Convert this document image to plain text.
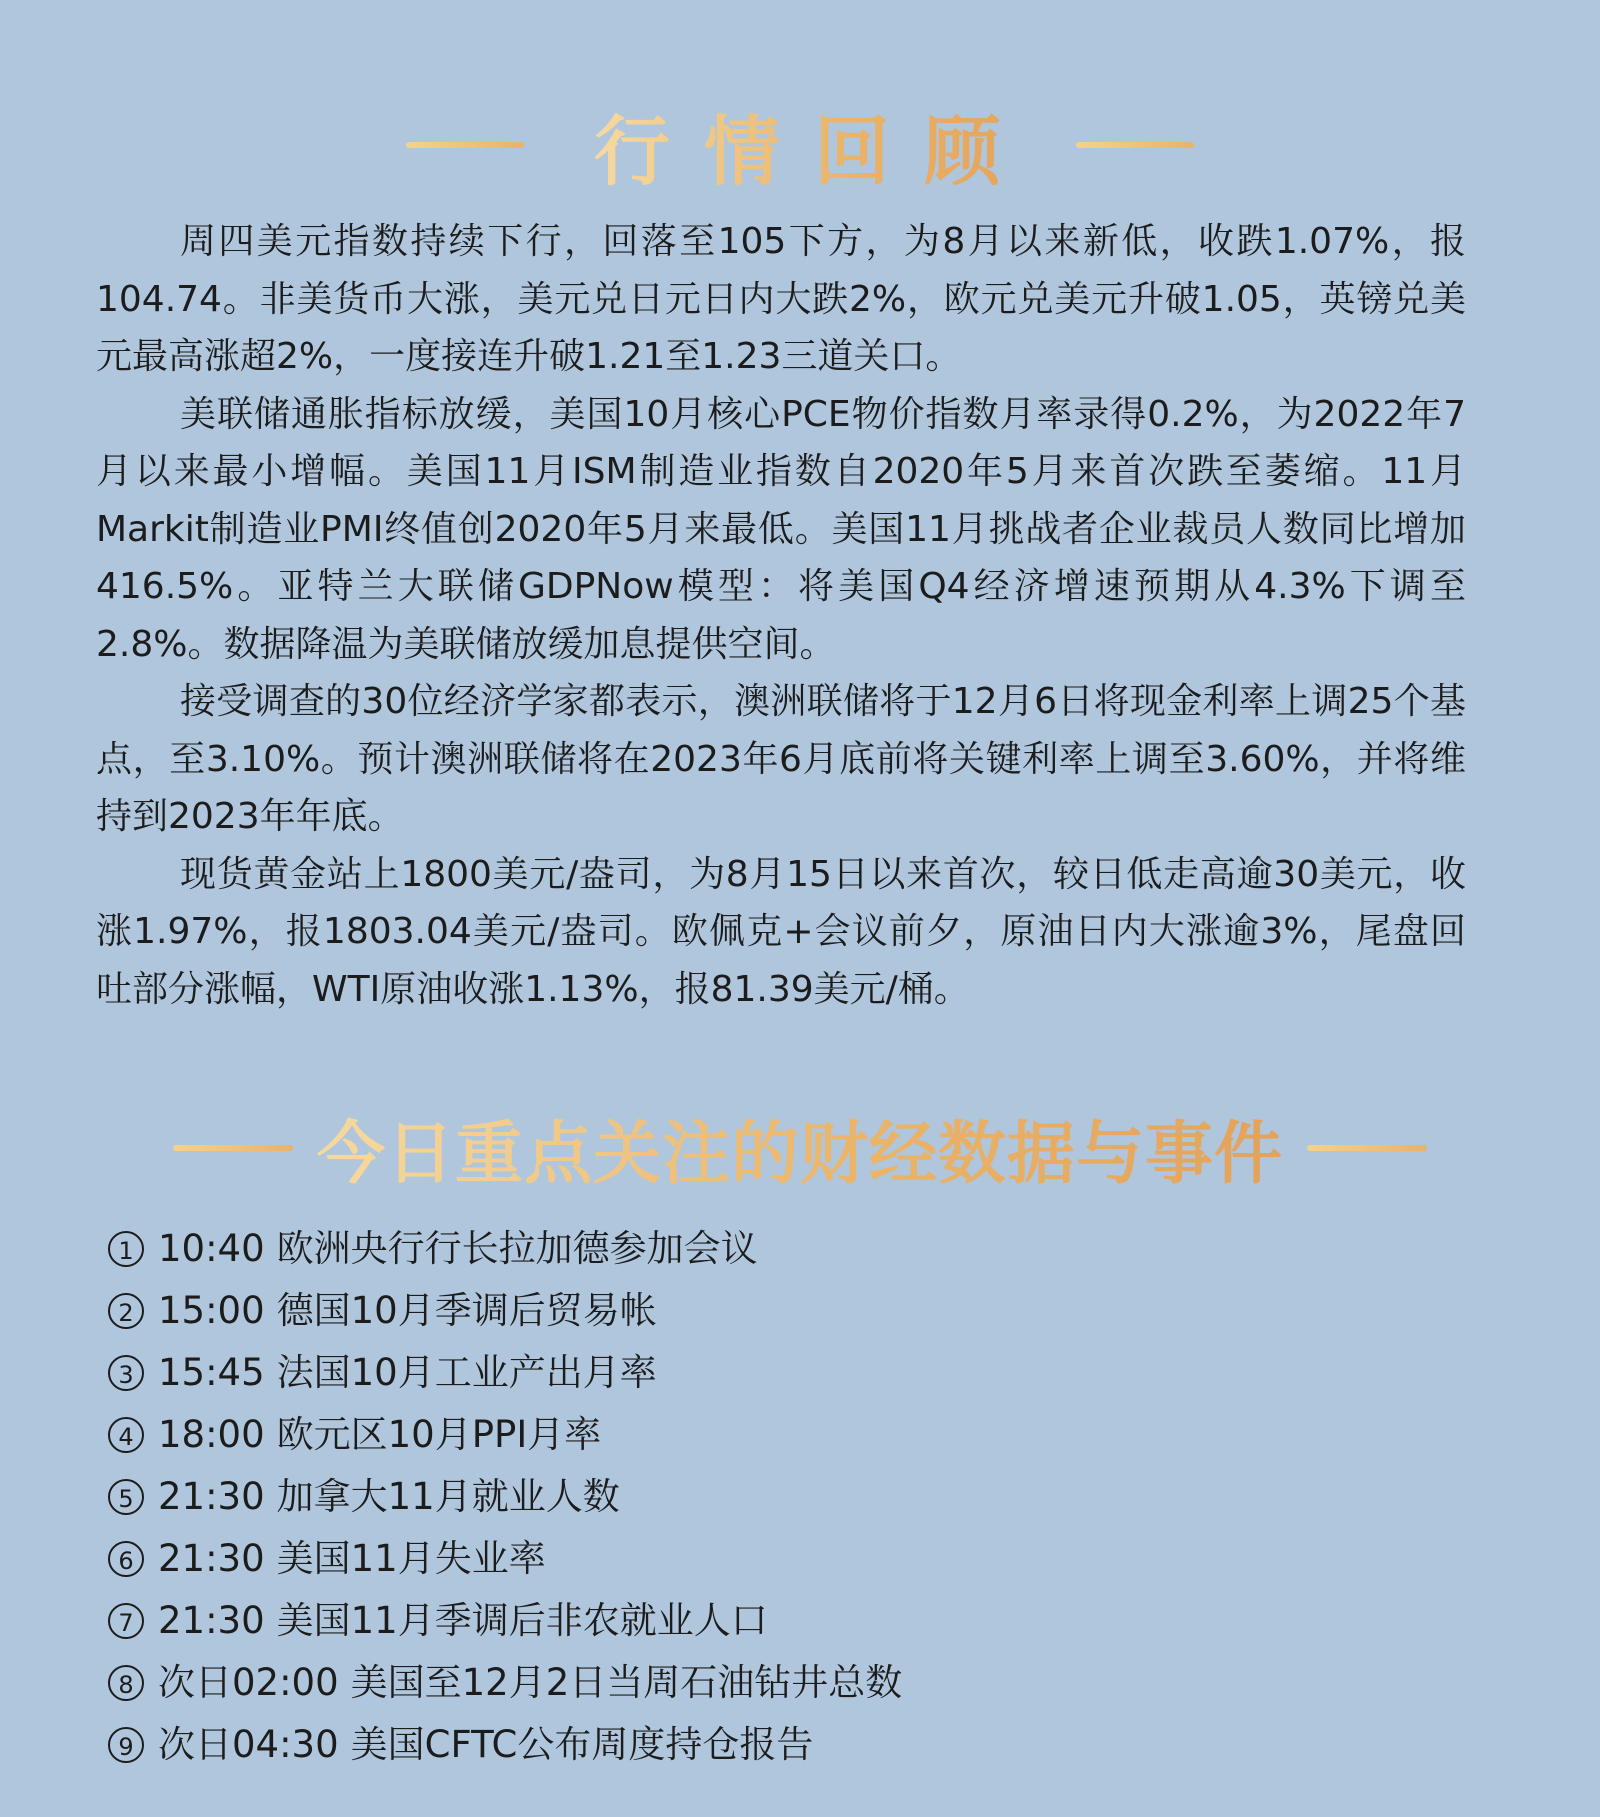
行情回顾

周四美元指数持续下行，回落至105下方，为8月以来新低，收跌1.07%，报104.74。非美货币大涨，美元兑日元日内大跌2%，欧元兑美元升破1.05，英镑兑美元最高涨超2%，一度接连升破1.21至1.23三道关口。

美联储通胀指标放缓，美国10月核心PCE物价指数月率录得0.2%，为2022年7月以来最小增幅。美国11月ISM制造业指数自2020年5月来首次跌至萎缩。11月Markit制造业PMI终值创2020年5月来最低。美国11月挑战者企业裁员人数同比增加416.5%。亚特兰大联储GDPNow模型：将美国Q4经济增速预期从4.3%下调至2.8%。数据降温为美联储放缓加息提供空间。

接受调查的30位经济学家都表示，澳洲联储将于12月6日将现金利率上调25个基点，至3.10%。预计澳洲联储将在2023年6月底前将关键利率上调至3.60%，并将维持到2023年年底。

现货黄金站上1800美元/盎司，为8月15日以来首次，较日低走高逾30美元，收涨1.97%，报1803.04美元/盎司。欧佩克+会议前夕，原油日内大涨逾3%，尾盘回吐部分涨幅，WTI原油收涨1.13%，报81.39美元/桶。

今日重点关注的财经数据与事件
1 10:40 欧洲央行行长拉加德参加会议
2 15:00 德国10月季调后贸易帐
3 15:45 法国10月工业产出月率
4 18:00 欧元区10月PPI月率
5 21:30 加拿大11月就业人数
6 21:30 美国11月失业率
7 21:30 美国11月季调后非农就业人口
8 次日02:00 美国至12月2日当周石油钻井总数
9 次日04:30 美国CFTC公布周度持仓报告
